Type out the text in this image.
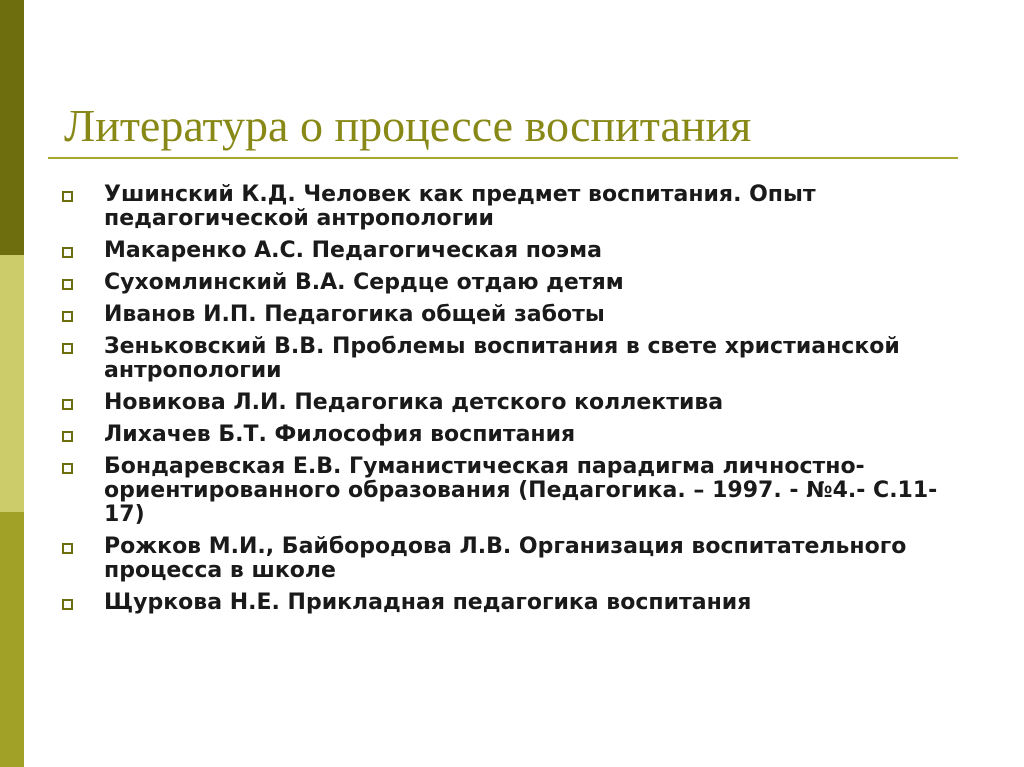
Литература о процессе воспитания
Ушинский К.Д. Человек как предмет воспитания. Опыт педагогической антропологии
Макаренко А.С. Педагогическая поэма
Сухомлинский В.А. Сердце отдаю детям
Иванов И.П. Педагогика общей заботы
Зеньковский В.В. Проблемы воспитания в свете христианской антропологии
Новикова Л.И. Педагогика детского коллектива
Лихачев Б.Т. Философия воспитания
Бондаревская Е.В. Гуманистическая парадигма личностно-ориентированного образования (Педагогика. – 1997. - №4.- С.11-17)
Рожков М.И., Байбородова Л.В. Организация воспитательного процесса в школе
Щуркова Н.Е. Прикладная педагогика воспитания
